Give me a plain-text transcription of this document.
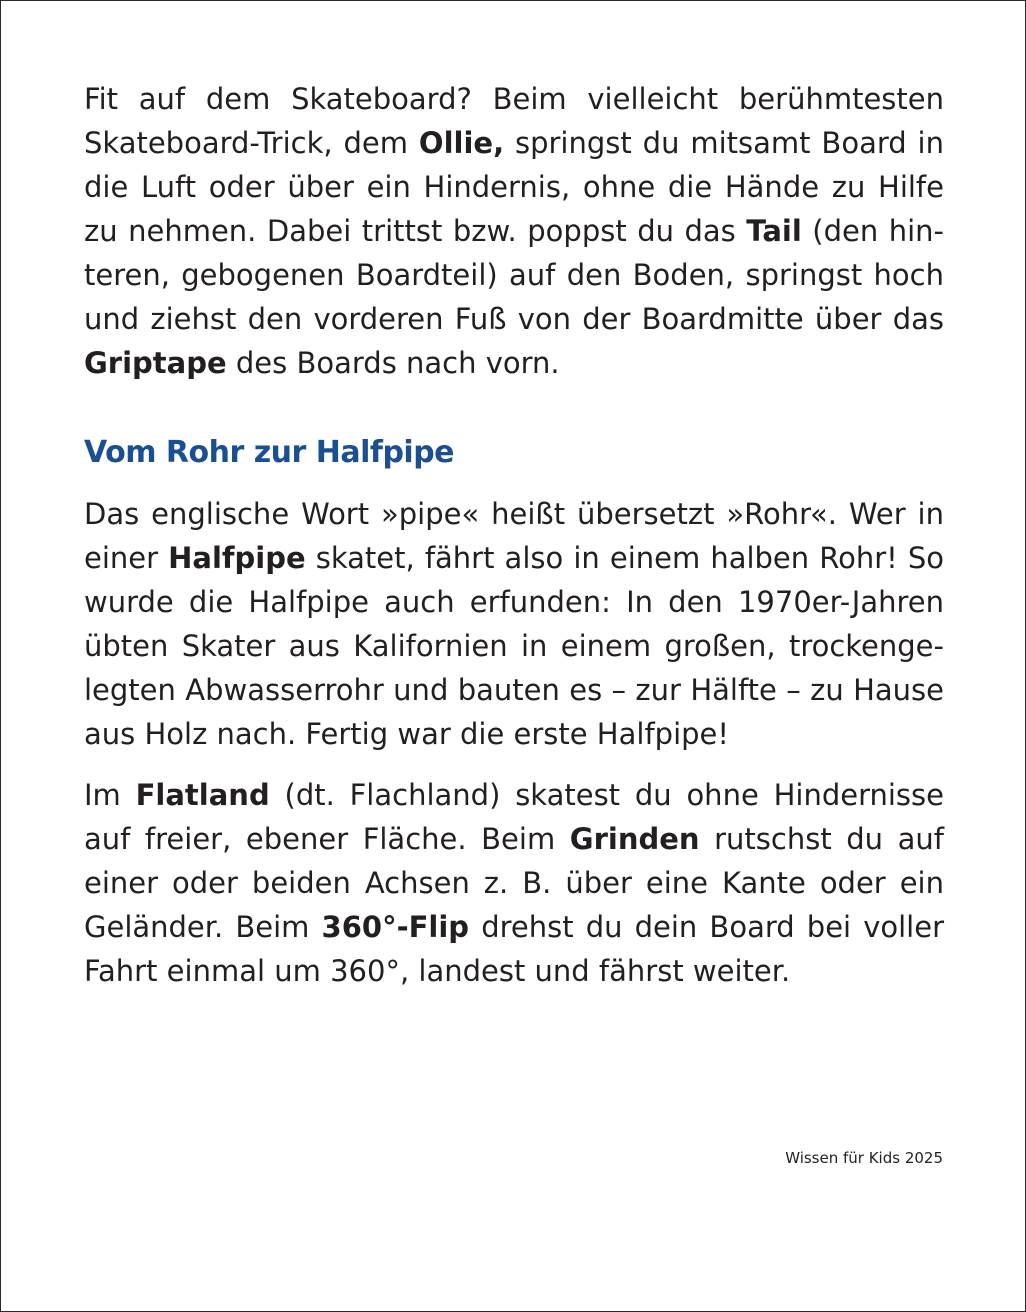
Fit auf dem Skateboard? Beim vielleicht berühmtesten Skateboard-Trick, dem Ollie, springst du mitsamt Board in die Luft oder über ein Hindernis, ohne die Hände zu Hilfe zu nehmen. Dabei trittst bzw. poppst du das Tail (den hinteren, gebogenen Boardteil) auf den Boden, springst hoch und ziehst den vorderen Fuß von der Boardmitte über das Griptape des Boards nach vorn.

Vom Rohr zur Halfpipe

Das englische Wort »pipe« heißt übersetzt »Rohr«. Wer in einer Halfpipe skatet, fährt also in einem halben Rohr! So wurde die Halfpipe auch erfunden: In den 1970er-Jahren übten Skater aus Kalifornien in einem großen, trockengelegten Abwasserrohr und bauten es – zur Hälfte – zu Hause aus Holz nach. Fertig war die erste Halfpipe!

Im Flatland (dt. Flachland) skatest du ohne Hindernisse auf freier, ebener Fläche. Beim Grinden rutschst du auf einer oder beiden Achsen z. B. über eine Kante oder ein Geländer. Beim 360°-Flip drehst du dein Board bei voller Fahrt einmal um 360°, landest und fährst weiter.

Wissen für Kids 2025
